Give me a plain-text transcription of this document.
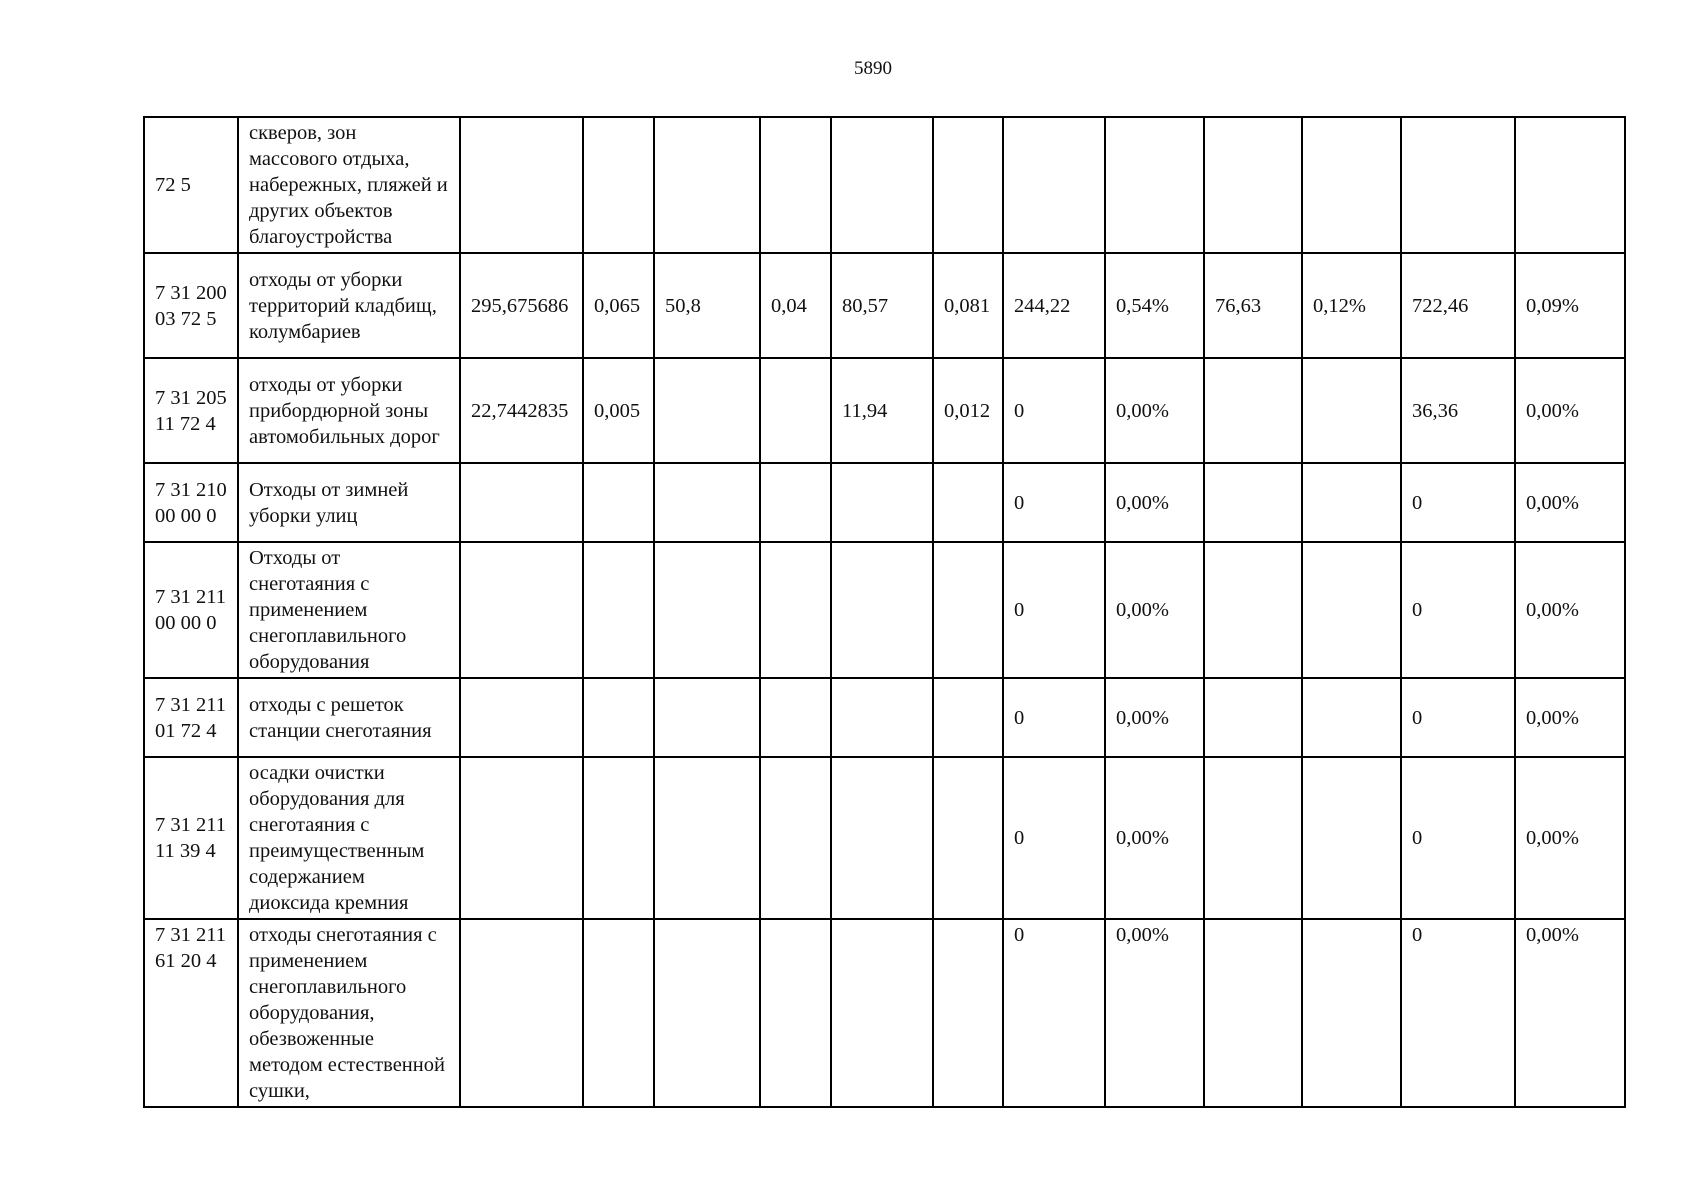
5890
72 5	скверов, зон массового отдыха, набережных, пляжей и других объектов благоустройства												
7 31 200 03 72 5	отходы от уборки территорий кладбищ, колумбариев	295,675686	0,065	50,8	0,04	80,57	0,081	244,22	0,54%	76,63	0,12%	722,46	0,09%
7 31 205 11 72 4	отходы от уборки прибордюрной зоны автомобильных дорог	22,7442835	0,005			11,94	0,012	0	0,00%			36,36	0,00%
7 31 210 00 00 0	Отходы от зимней уборки улиц							0	0,00%			0	0,00%
7 31 211 00 00 0	Отходы от снеготаяния с применением снегоплавильного оборудования							0	0,00%			0	0,00%
7 31 211 01 72 4	отходы с решеток станции снеготаяния							0	0,00%			0	0,00%
7 31 211 11 39 4	осадки очистки оборудования для снеготаяния с преимущественным содержанием диоксида кремния							0	0,00%			0	0,00%
7 31 211 61 20 4	отходы снеготаяния с применением снегоплавильного оборудования, обезвоженные методом естественной сушки,							0	0,00%			0	0,00%
